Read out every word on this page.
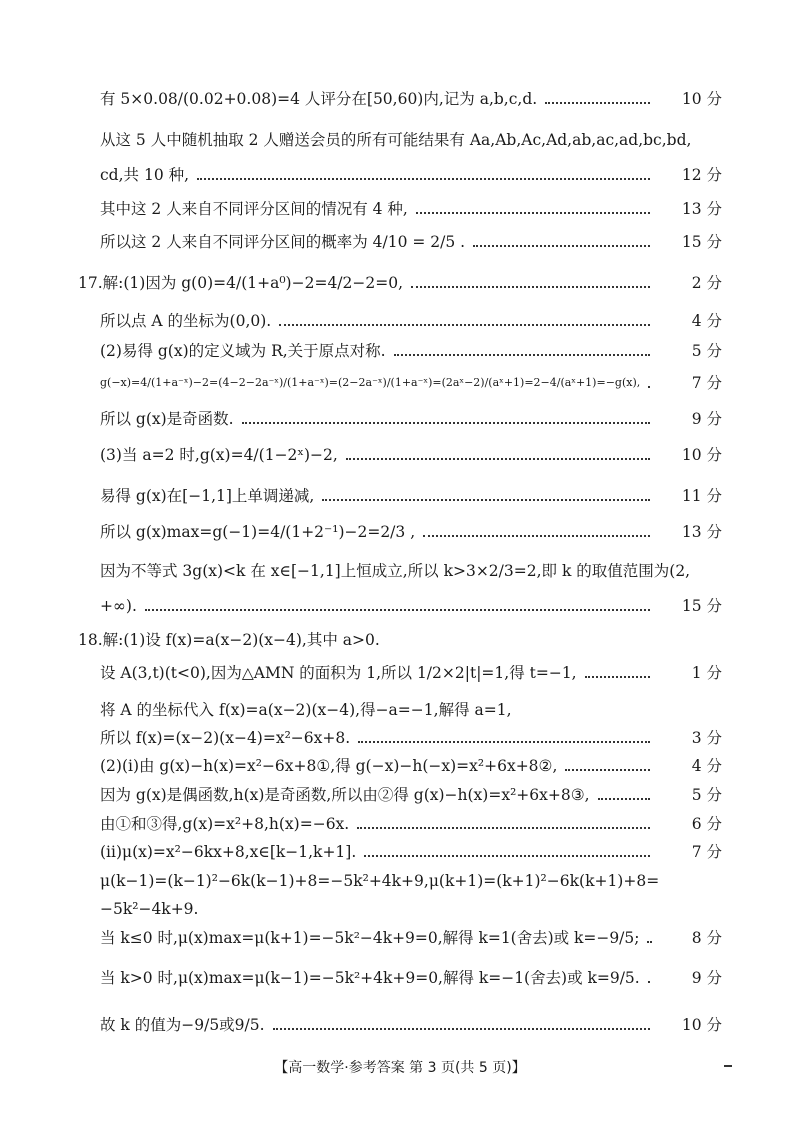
有 5×0.08/(0.02+0.08)=4 人评分在[50,60)内,记为 a,b,c,d.	10 分
从这 5 人中随机抽取 2 人赠送会员的所有可能结果有 Aa,Ab,Ac,Ad,ab,ac,ad,bc,bd,
cd,共 10 种,	12 分
其中这 2 人来自不同评分区间的情况有 4 种,	13 分
所以这 2 人来自不同评分区间的概率为 4/10 = 2/5 .	15 分
17.解:(1)因为 g(0)=4/(1+a⁰)−2=4/2−2=0,	2 分
所以点 A 的坐标为(0,0).	4 分
(2)易得 g(x)的定义域为 R,关于原点对称.	5 分
g(−x)=4/(1+a⁻ˣ)−2=(4−2−2a⁻ˣ)/(1+a⁻ˣ)=(2−2a⁻ˣ)/(1+a⁻ˣ)=(2aˣ−2)/(aˣ+1)=2−4/(aˣ+1)=−g(x),	7 分
所以 g(x)是奇函数.	9 分
(3)当 a=2 时,g(x)=4/(1−2ˣ)−2,	10 分
易得 g(x)在[−1,1]上单调递减,	11 分
所以 g(x)max=g(−1)=4/(1+2⁻¹)−2=2/3 ,	13 分
因为不等式 3g(x)<k 在 x∈[−1,1]上恒成立,所以 k>3×2/3=2,即 k 的取值范围为(2,
+∞).	15 分
18.解:(1)设 f(x)=a(x−2)(x−4),其中 a>0.
设 A(3,t)(t<0),因为△AMN 的面积为 1,所以 1/2×2|t|=1,得 t=−1,	1 分
将 A 的坐标代入 f(x)=a(x−2)(x−4),得−a=−1,解得 a=1,
所以 f(x)=(x−2)(x−4)=x²−6x+8.	3 分
(2)(ⅰ)由 g(x)−h(x)=x²−6x+8①,得 g(−x)−h(−x)=x²+6x+8②,	4 分
因为 g(x)是偶函数,h(x)是奇函数,所以由②得 g(x)−h(x)=x²+6x+8③,	5 分
由①和③得,g(x)=x²+8,h(x)=−6x.	6 分
(ⅱ)μ(x)=x²−6kx+8,x∈[k−1,k+1].	7 分
μ(k−1)=(k−1)²−6k(k−1)+8=−5k²+4k+9,μ(k+1)=(k+1)²−6k(k+1)+8=
−5k²−4k+9.
当 k≤0 时,μ(x)max=μ(k+1)=−5k²−4k+9=0,解得 k=1(舍去)或 k=−9/5;	8 分
当 k>0 时,μ(x)max=μ(k−1)=−5k²+4k+9=0,解得 k=−1(舍去)或 k=9/5.	9 分
故 k 的值为−9/5或9/5.	10 分
【高一数学·参考答案 第 3 页(共 5 页)】
